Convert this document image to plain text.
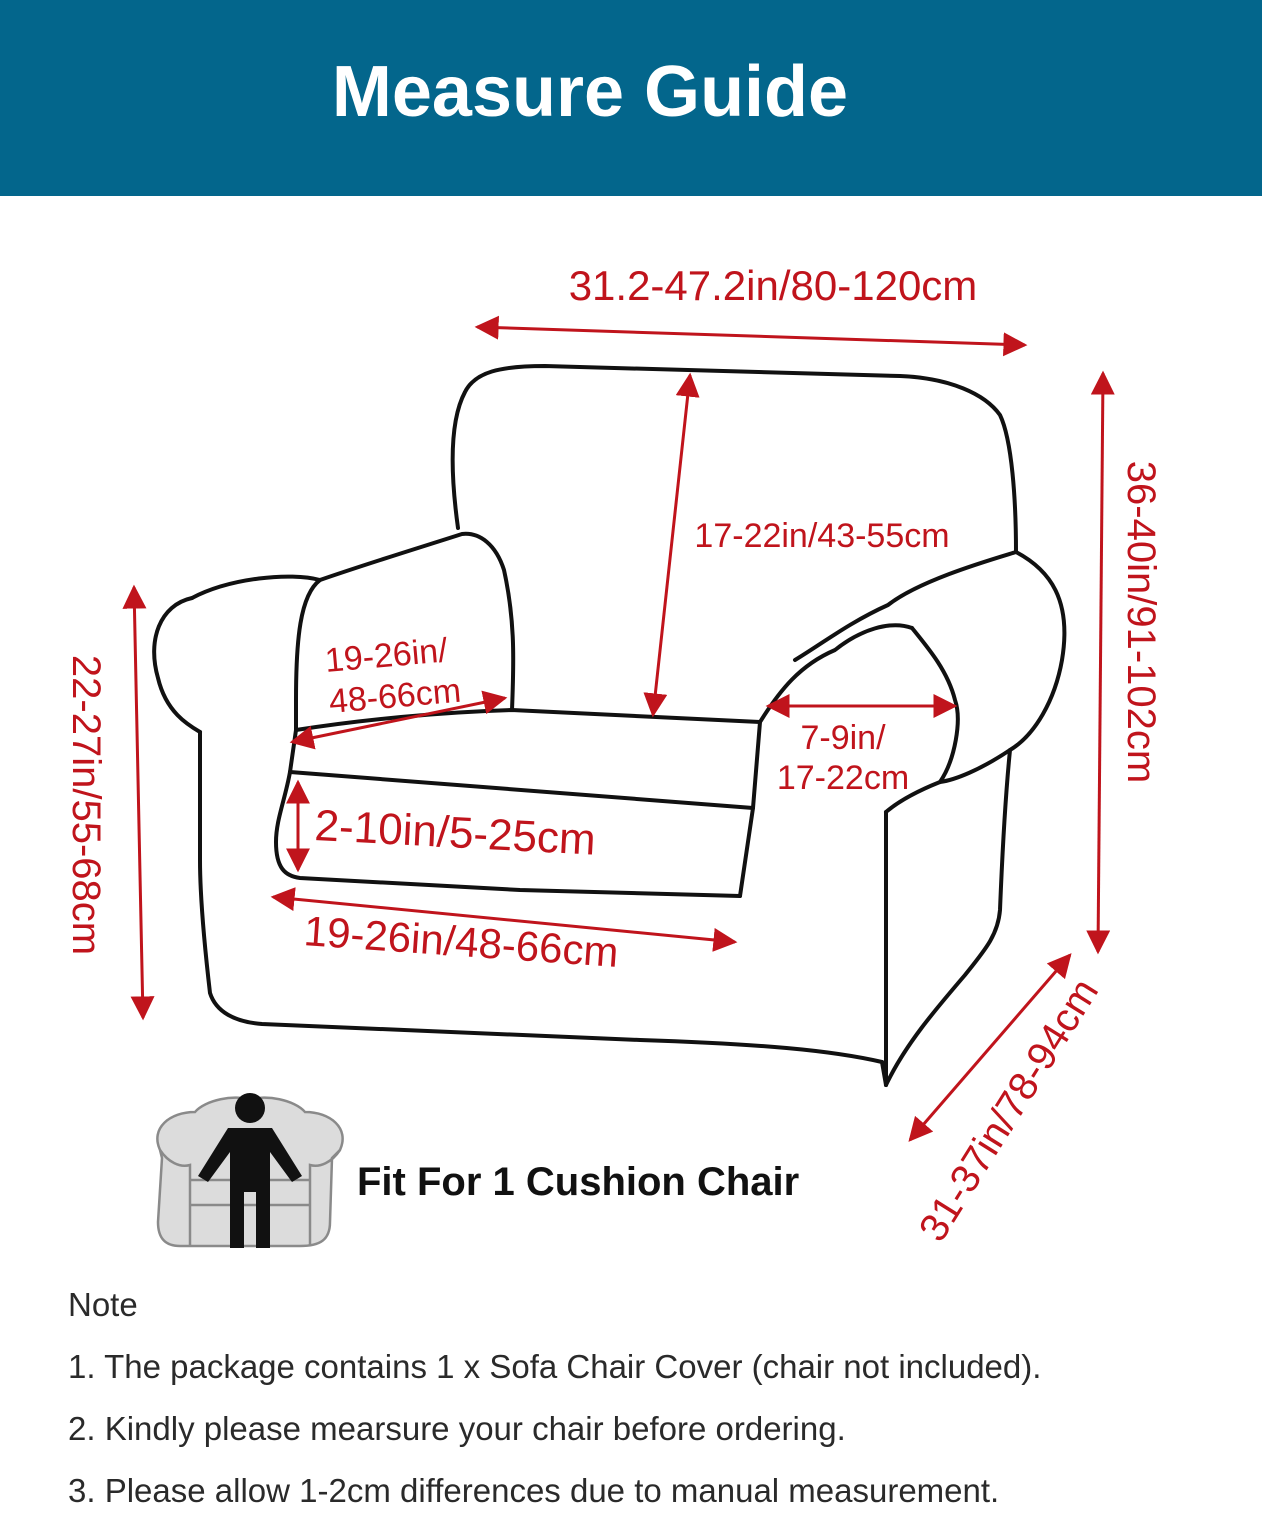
Measure Guide
31.2-47.2in/80-120cm
36-40in/91-102cm
22-27in/55-68cm
17-22in/43-55cm
19-26in/
48-66cm
7-9in/
17-22cm
2-10in/5-25cm
19-26in/48-66cm
31-37in/78-94cm
Fit For 1 Cushion Chair
Note
1. The package contains 1 x Sofa Chair Cover (chair not included).
2. Kindly please mearsure your chair before ordering.
3. Please allow 1-2cm differences due to manual measurement.
